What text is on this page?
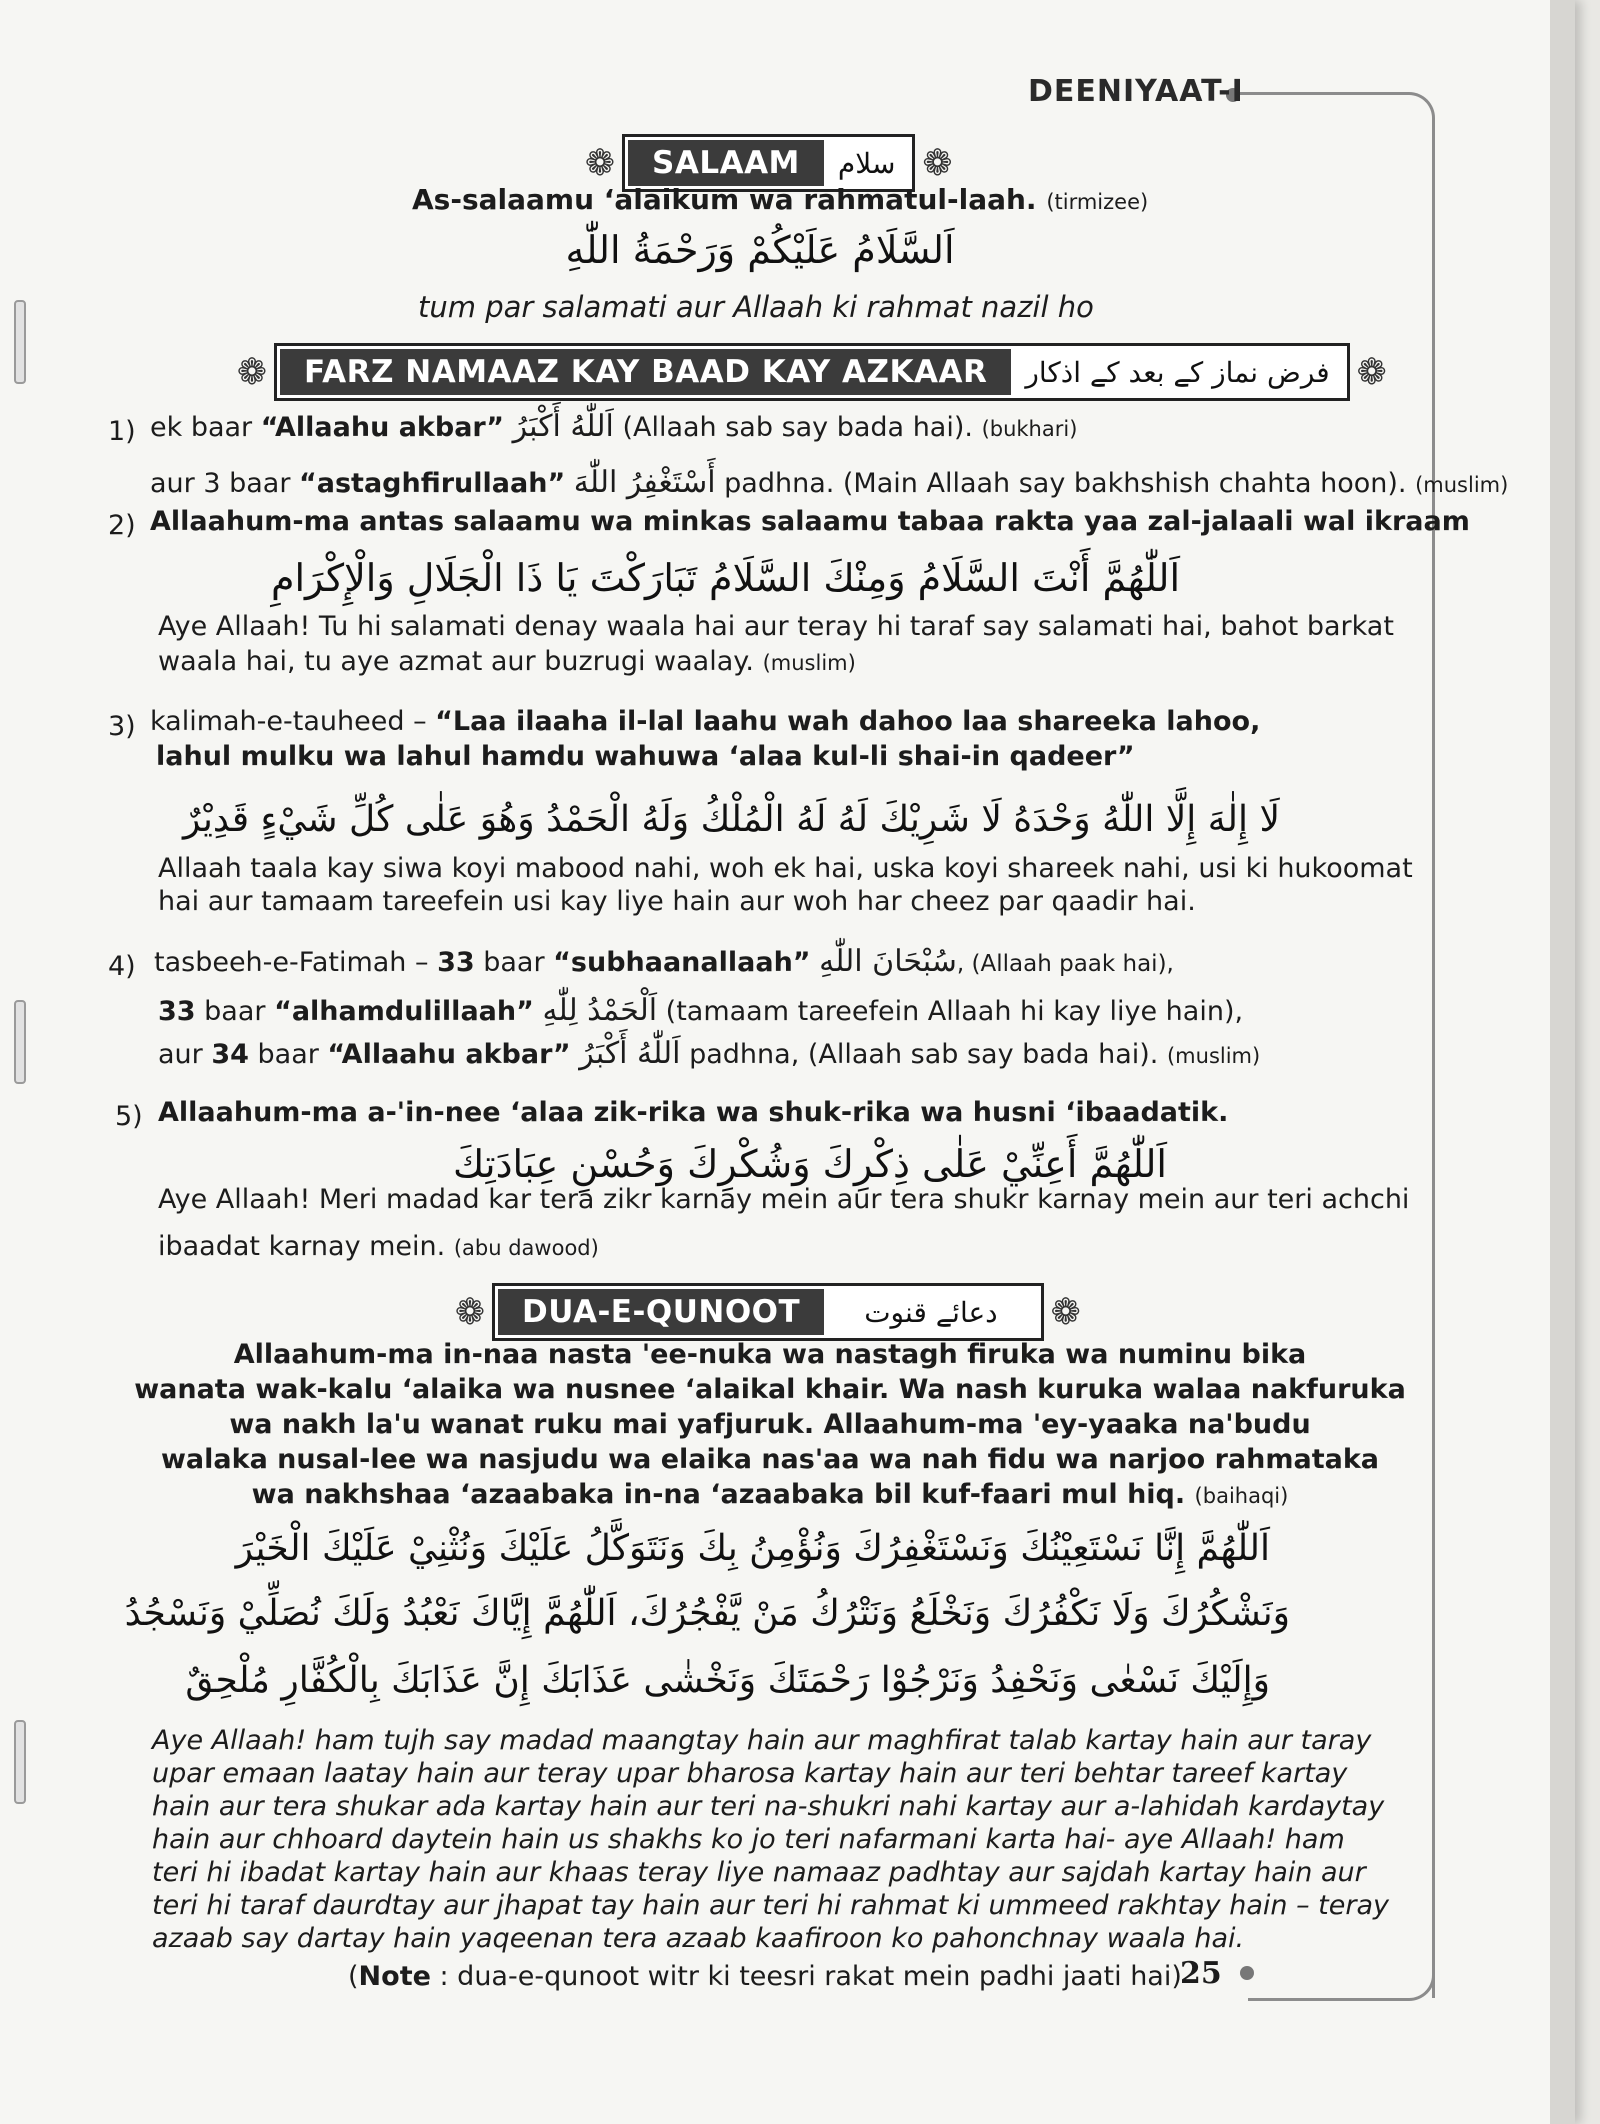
DEENIYAAT-I
25
❁	SALAAM	سلام ❁
As-salaamu ‘alaikum wa rahmatul-laah. (tirmizee)
اَلسَّلَامُ عَلَيْكُمْ وَرَحْمَةُ اللّٰهِ
tum par salamati aur Allaah ki rahmat nazil ho
❁	FARZ NAMAAZ KAY BAAD KAY AZKAAR	فرض نماز کے بعد کے اذکار ❁
1) ek baar “Allaahu akbar” اَللّٰهُ أَكْبَرُ (Allaah sab say bada hai). (bukhari)
aur 3 baar “astaghfirullaah” أَسْتَغْفِرُ اللّٰهَ padhna. (Main Allaah say bakhshish chahta hoon). (muslim)
2) Allaahum-ma antas salaamu wa minkas salaamu tabaa rakta yaa zal-jalaali wal ikraam
اَللّٰهُمَّ أَنْتَ السَّلَامُ وَمِنْكَ السَّلَامُ تَبَارَكْتَ يَا ذَا الْجَلَالِ وَالْإِكْرَامِ
Aye Allaah! Tu hi salamati denay waala hai aur teray hi taraf say salamati hai, bahot barkat
waala hai, tu aye azmat aur buzrugi waalay. (muslim)
3) kalimah-e-tauheed – “Laa ilaaha il-lal laahu wah dahoo laa shareeka lahoo,
lahul mulku wa lahul hamdu wahuwa ‘alaa kul-li shai-in qadeer”
لَا إِلٰهَ إِلَّا اللّٰهُ وَحْدَهُ لَا شَرِيْكَ لَهُ لَهُ الْمُلْكُ وَلَهُ الْحَمْدُ وَهُوَ عَلٰى كُلِّ شَيْءٍ قَدِيْرٌ
Allaah taala kay siwa koyi mabood nahi, woh ek hai, uska koyi shareek nahi, usi ki hukoomat
hai aur tamaam tareefein usi kay liye hain aur woh har cheez par qaadir hai.
4) tasbeeh-e-Fatimah – 33 baar “subhaanallaah” سُبْحَانَ اللّٰهِ, (Allaah paak hai),
33 baar “alhamdulillaah” اَلْحَمْدُ لِلّٰهِ (tamaam tareefein Allaah hi kay liye hain),
aur 34 baar “Allaahu akbar” اَللّٰهُ أَكْبَرُ padhna, (Allaah sab say bada hai). (muslim)
5) Allaahum-ma a-'in-nee ‘alaa zik-rika wa shuk-rika wa husni ‘ibaadatik.
اَللّٰهُمَّ أَعِنِّيْ عَلٰى ذِكْرِكَ وَشُكْرِكَ وَحُسْنِ عِبَادَتِكَ
Aye Allaah! Meri madad kar tera zikr karnay mein aur tera shukr karnay mein aur teri achchi
ibaadat karnay mein. (abu dawood)
❁	DUA-E-QUNOOT	دعائے قنوت	❁
Allaahum-ma in-naa nasta 'ee-nuka wa nastagh firuka wa numinu bika
wanata wak-kalu ‘alaika wa nusnee ‘alaikal khair. Wa nash kuruka walaa nakfuruka
wa nakh la'u wanat ruku mai yafjuruk. Allaahum-ma 'ey-yaaka na'budu
walaka nusal-lee wa nasjudu wa elaika nas'aa wa nah fidu wa narjoo rahmataka
wa nakhshaa ‘azaabaka in-na ‘azaabaka bil kuf-faari mul hiq. (baihaqi)
اَللّٰهُمَّ إِنَّا نَسْتَعِيْنُكَ وَنَسْتَغْفِرُكَ وَنُؤْمِنُ بِكَ وَنَتَوَكَّلُ عَلَيْكَ وَنُثْنِيْ عَلَيْكَ الْخَيْرَ
وَنَشْكُرُكَ وَلَا نَكْفُرُكَ وَنَخْلَعُ وَنَتْرُكُ مَنْ يَّفْجُرُكَ، اَللّٰهُمَّ إِيَّاكَ نَعْبُدُ وَلَكَ نُصَلِّيْ وَنَسْجُدُ
وَإِلَيْكَ نَسْعٰى وَنَحْفِدُ وَنَرْجُوْا رَحْمَتَكَ وَنَخْشٰى عَذَابَكَ إِنَّ عَذَابَكَ بِالْكُفَّارِ مُلْحِقٌ
Aye Allaah! ham tujh say madad maangtay hain aur maghfirat talab kartay hain aur taray
upar emaan laatay hain aur teray upar bharosa kartay hain aur teri behtar tareef kartay
hain aur tera shukar ada kartay hain aur teri na-shukri nahi kartay aur a-lahidah kardaytay
hain aur chhoard daytein hain us shakhs ko jo teri nafarmani karta hai- aye Allaah! ham
teri hi ibadat kartay hain aur khaas teray liye namaaz padhtay aur sajdah kartay hain aur
teri hi taraf daurdtay aur jhapat tay hain aur teri hi rahmat ki ummeed rakhtay hain – teray
azaab say dartay hain yaqeenan tera azaab kaafiroon ko pahonchnay waala hai.
(Note : dua-e-qunoot witr ki teesri rakat mein padhi jaati hai)
